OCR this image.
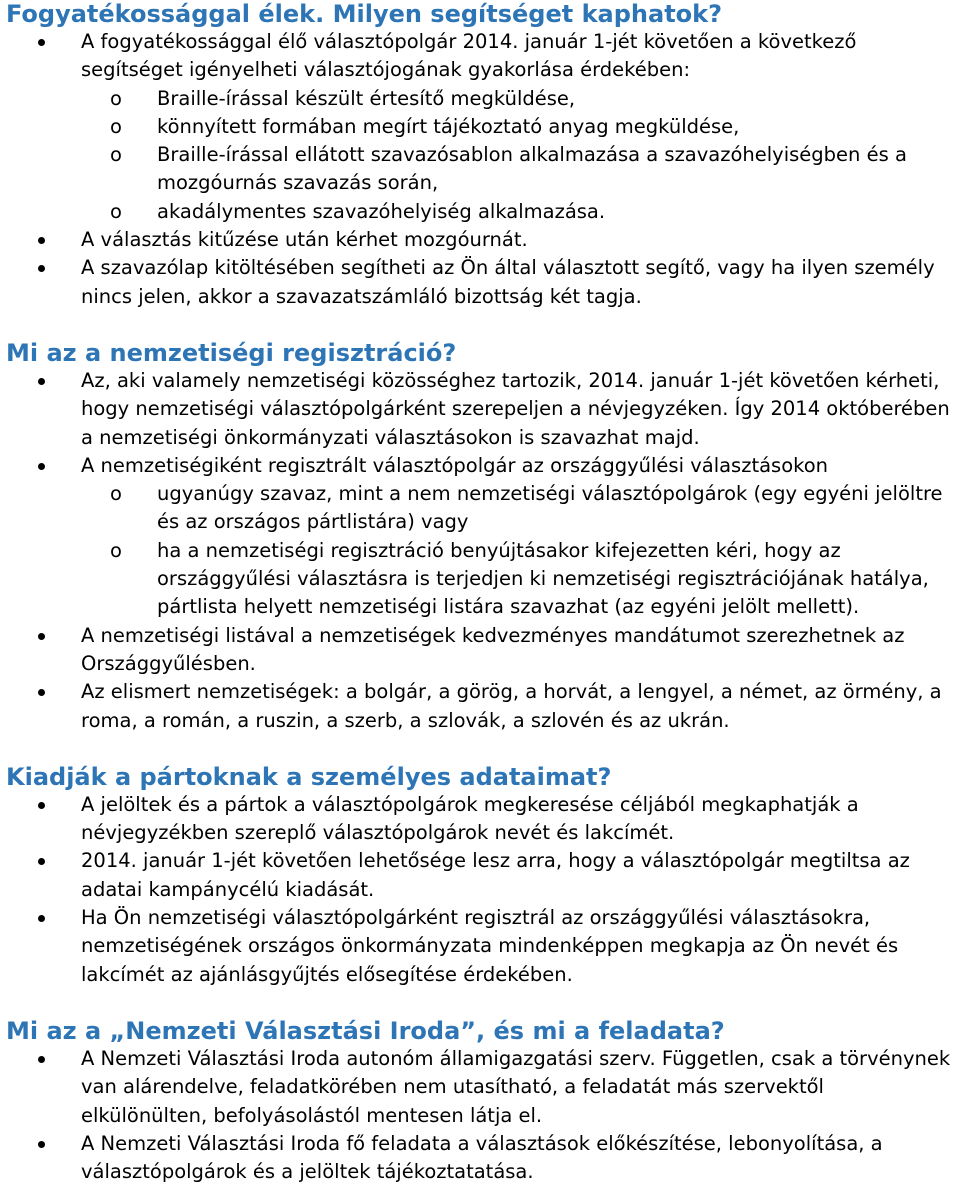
Fogyatékossággal élek. Milyen segítséget kaphatok?
A fogyatékossággal élő választópolgár 2014. január 1-jét követően a következő segítséget igényelheti választójogának gyakorlása érdekében:
o Braille-írással készült értesítő megküldése,
o könnyített formában megírt tájékoztató anyag megküldése,
o Braille-írással ellátott szavazósablon alkalmazása a szavazóhelyiségben és a mozgóurnás szavazás során,
o akadálymentes szavazóhelyiség alkalmazása.
A választás kitűzése után kérhet mozgóurnát.
A szavazólap kitöltésében segítheti az Ön által választott segítő, vagy ha ilyen személy nincs jelen, akkor a szavazatszámláló bizottság két tagja.
Mi az a nemzetiségi regisztráció?
Az, aki valamely nemzetiségi közösséghez tartozik, 2014. január 1-jét követően kérheti, hogy nemzetiségi választópolgárként szerepeljen a névjegyzéken. Így 2014 októberében a nemzetiségi önkormányzati választásokon is szavazhat majd.
A nemzetiségiként regisztrált választópolgár az országgyűlési választásokon
o ugyanúgy szavaz, mint a nem nemzetiségi választópolgárok (egy egyéni jelöltre és az országos pártlistára) vagy
o ha a nemzetiségi regisztráció benyújtásakor kifejezetten kéri, hogy az országgyűlési választásra is terjedjen ki nemzetiségi regisztrációjának hatálya, pártlista helyett nemzetiségi listára szavazhat (az egyéni jelölt mellett).
A nemzetiségi listával a nemzetiségek kedvezményes mandátumot szerezhetnek az Országgyűlésben.
Az elismert nemzetiségek: a bolgár, a görög, a horvát, a lengyel, a német, az örmény, a roma, a román, a ruszin, a szerb, a szlovák, a szlovén és az ukrán.
Kiadják a pártoknak a személyes adataimat?
A jelöltek és a pártok a választópolgárok megkeresése céljából megkaphatják a névjegyzékben szereplő választópolgárok nevét és lakcímét.
2014. január 1-jét követően lehetősége lesz arra, hogy a választópolgár megtiltsa az adatai kampánycélú kiadását.
Ha Ön nemzetiségi választópolgárként regisztrál az országgyűlési választásokra, nemzetiségének országos önkormányzata mindenképpen megkapja az Ön nevét és lakcímét az ajánlásgyűjtés elősegítése érdekében.
Mi az a „Nemzeti Választási Iroda”, és mi a feladata?
A Nemzeti Választási Iroda autonóm államigazgatási szerv. Független, csak a törvénynek van alárendelve, feladatkörében nem utasítható, a feladatát más szervektől elkülönülten, befolyásolástól mentesen látja el.
A Nemzeti Választási Iroda fő feladata a választások előkészítése, lebonyolítása, a választópolgárok és a jelöltek tájékoztatatása.
